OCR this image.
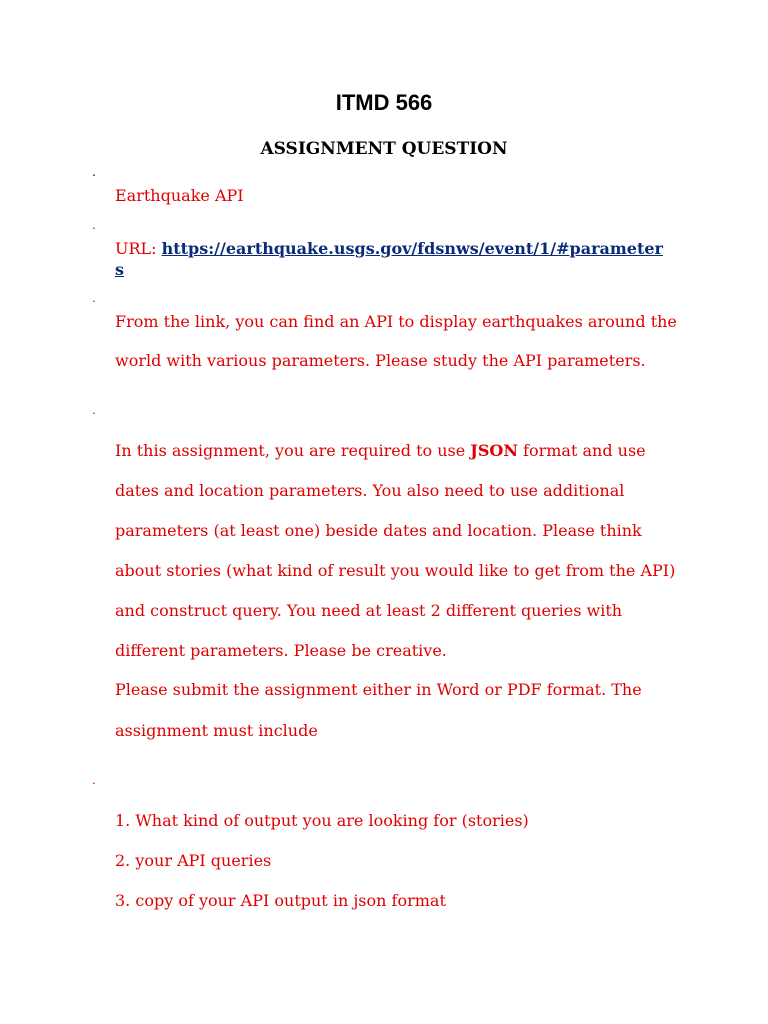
ITMD 566
ASSIGNMENT QUESTION
.
Earthquake API
.
URL: https://earthquake.usgs.gov/fdsnws/event/1/#parameter
s
.
From the link, you can find an API to display earthquakes around the
world with various parameters. Please study the API parameters.
.
In this assignment, you are required to use JSON format and use
dates and location parameters. You also need to use additional
parameters (at least one) beside dates and location. Please think
about stories (what kind of result you would like to get from the API)
and construct query. You need at least 2 different queries with
different parameters. Please be creative.
Please submit the assignment either in Word or PDF format. The
assignment must include
.
1. What kind of output you are looking for (stories)
2. your API queries
3. copy of your API output in json format
